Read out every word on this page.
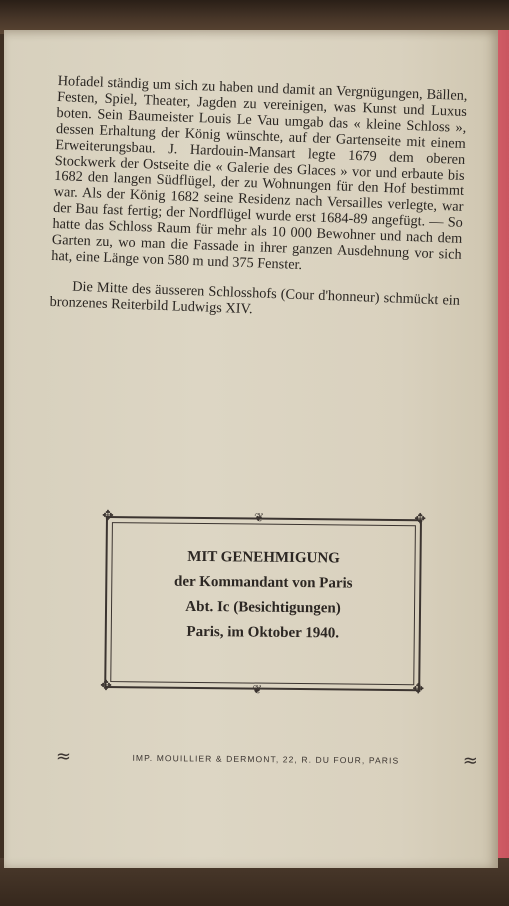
Hofadel ständig um sich zu haben und damit an Vergnügungen, Bällen, Festen, Spiel, Theater, Jagden zu vereinigen, was Kunst und Luxus boten. Sein Baumeister Louis Le Vau umgab das « kleine Schloss », dessen Erhaltung der König wünschte, auf der Gartenseite mit einem Erweiterungsbau. J. Hardouin-Mansart legte 1679 dem oberen Stockwerk der Ostseite die « Galerie des Glaces » vor und erbaute bis 1682 den langen Südflügel, der zu Wohnungen für den Hof bestimmt war. Als der König 1682 seine Residenz nach Versailles verlegte, war der Bau fast fertig; der Nordflügel wurde erst 1684-89 angefügt. — So hatte das Schloss Raum für mehr als 10 000 Bewohner und nach dem Garten zu, wo man die Fassade in ihrer ganzen Ausdehnung vor sich hat, eine Länge von 580 m und 375 Fenster.

Die Mitte des äusseren Schlosshofs (Cour d'honneur) schmückt ein bronzenes Reiterbild Ludwigs XIV.

✥	✥
✥	✥
❦
❦
MIT GENEHMIGUNG
der Kommandant von Paris
Abt. Ic (Besichtigungen)
Paris, im Oktober 1940.
≈	IMP. MOUILLIER & DERMONT, 22, R. DU FOUR, PARIS	≈
